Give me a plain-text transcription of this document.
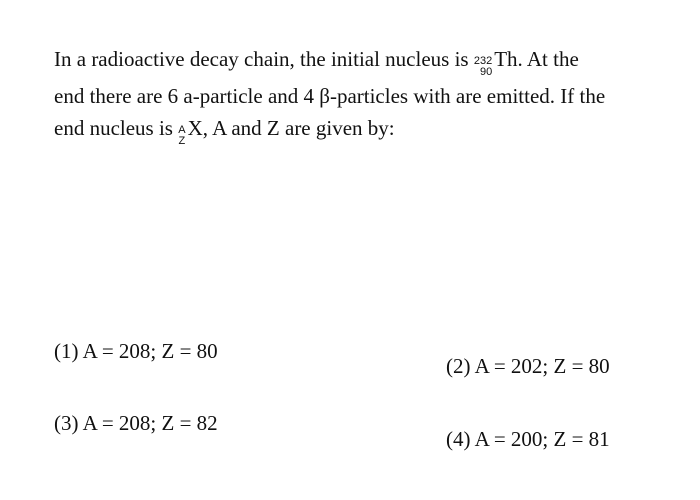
In a radioactive decay chain, the initial nucleus is 232
90
Th. At the
end there are 6 a-particle and 4 β-particles with are emitted. If the
end nucleus is A
Z
X, A and Z are given by:

(1) A = 208; Z = 80

(2) A = 202; Z = 80

(3) A = 208; Z = 82

(4) A = 200; Z = 81
